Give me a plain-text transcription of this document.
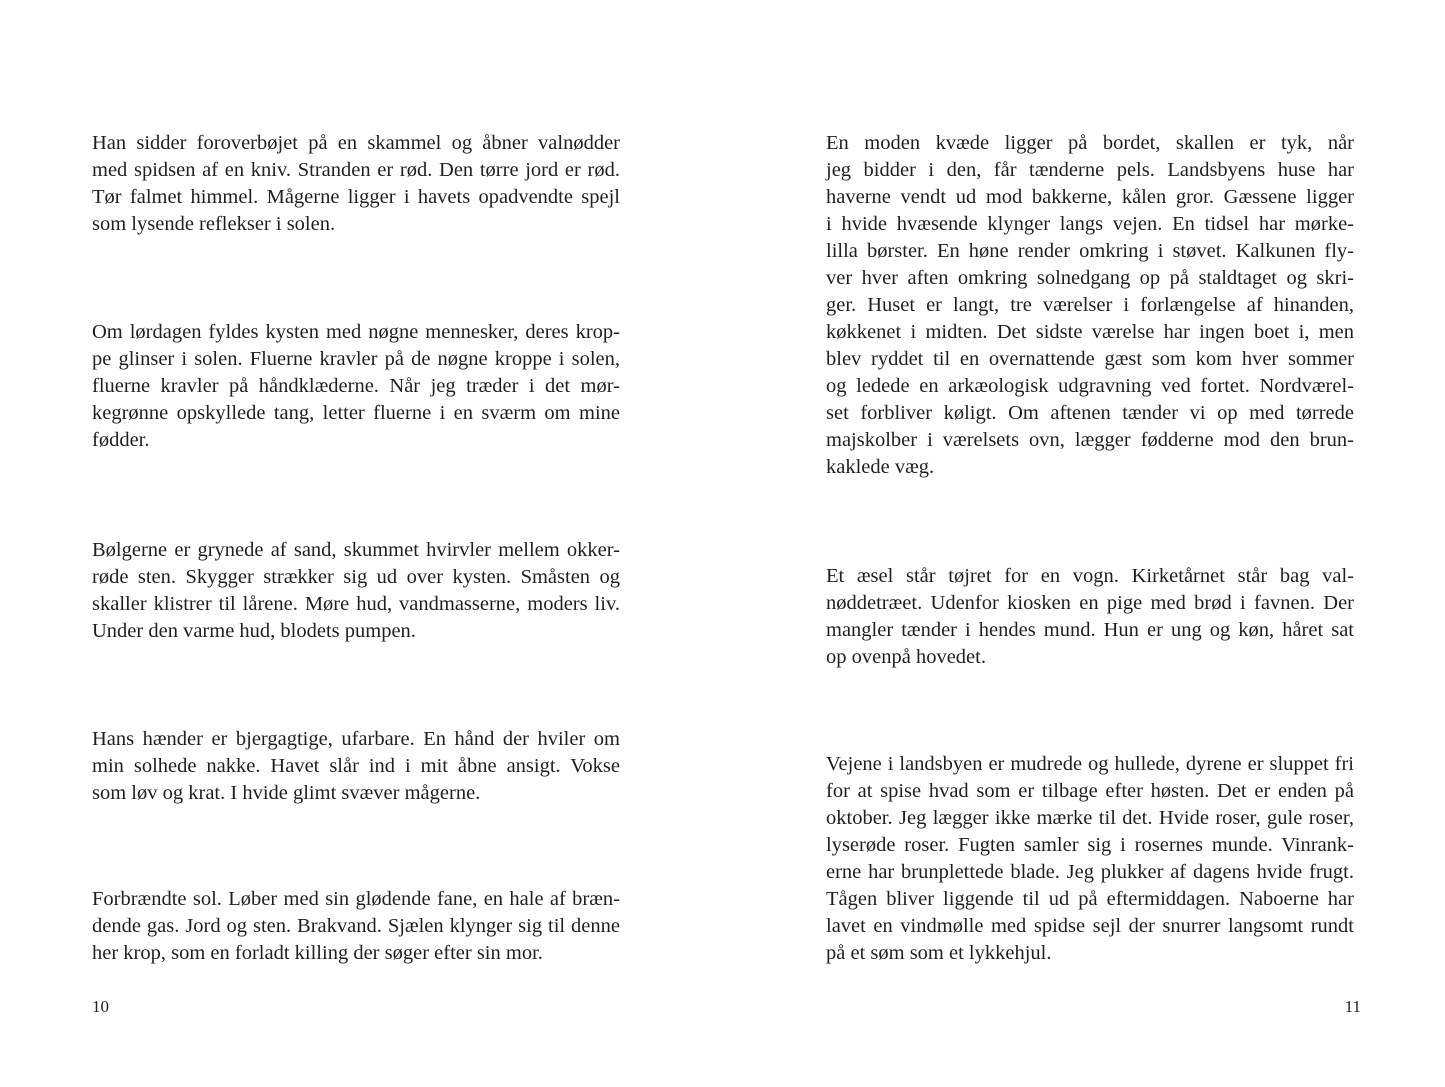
Han sidder foroverbøjet på en skammel og åbner valnødder
med spidsen af en kniv. Stranden er rød. Den tørre jord er rød.
Tør falmet himmel. Mågerne ligger i havets opadvendte spejl
som lysende reflekser i solen.

Om lørdagen fyldes kysten med nøgne mennesker, deres krop-
pe glinser i solen. Fluerne kravler på de nøgne kroppe i solen,
fluerne kravler på håndklæderne. Når jeg træder i det mør-
kegrønne opskyllede tang, letter fluerne i en sværm om mine
fødder.

Bølgerne er grynede af sand, skummet hvirvler mellem okker-
røde sten. Skygger strækker sig ud over kysten. Småsten og
skaller klistrer til lårene. Møre hud, vandmasserne, moders liv.
Under den varme hud, blodets pumpen.

Hans hænder er bjergagtige, ufarbare. En hånd der hviler om
min solhede nakke. Havet slår ind i mit åbne ansigt. Vokse
som løv og krat. I hvide glimt svæver mågerne.

Forbrændte sol. Løber med sin glødende fane, en hale af bræn-
dende gas. Jord og sten. Brakvand. Sjælen klynger sig til denne
her krop, som en forladt killing der søger efter sin mor.

10

En moden kvæde ligger på bordet, skallen er tyk, når
jeg bidder i den, får tænderne pels. Landsbyens huse har
haverne vendt ud mod bakkerne, kålen gror. Gæssene ligger
i hvide hvæsende klynger langs vejen. En tidsel har mørke-
lilla børster. En høne render omkring i støvet. Kalkunen fly-
ver hver aften omkring solnedgang op på staldtaget og skri-
ger. Huset er langt, tre værelser i forlængelse af hinanden,
køkkenet i midten. Det sidste værelse har ingen boet i, men
blev ryddet til en overnattende gæst som kom hver sommer
og ledede en arkæologisk udgravning ved fortet. Nordværel-
set forbliver køligt. Om aftenen tænder vi op med tørrede
majskolber i værelsets ovn, lægger fødderne mod den brun-
kaklede væg.

Et æsel står tøjret for en vogn. Kirketårnet står bag val-
nøddetræet. Udenfor kiosken en pige med brød i favnen. Der
mangler tænder i hendes mund. Hun er ung og køn, håret sat
op ovenpå hovedet.

Vejene i landsbyen er mudrede og hullede, dyrene er sluppet fri
for at spise hvad som er tilbage efter høsten. Det er enden på
oktober. Jeg lægger ikke mærke til det. Hvide roser, gule roser,
lyserøde roser. Fugten samler sig i rosernes munde. Vinrank-
erne har brunplettede blade. Jeg plukker af dagens hvide frugt.
Tågen bliver liggende til ud på eftermiddagen. Naboerne har
lavet en vindmølle med spidse sejl der snurrer langsomt rundt
på et søm som et lykkehjul.

11
